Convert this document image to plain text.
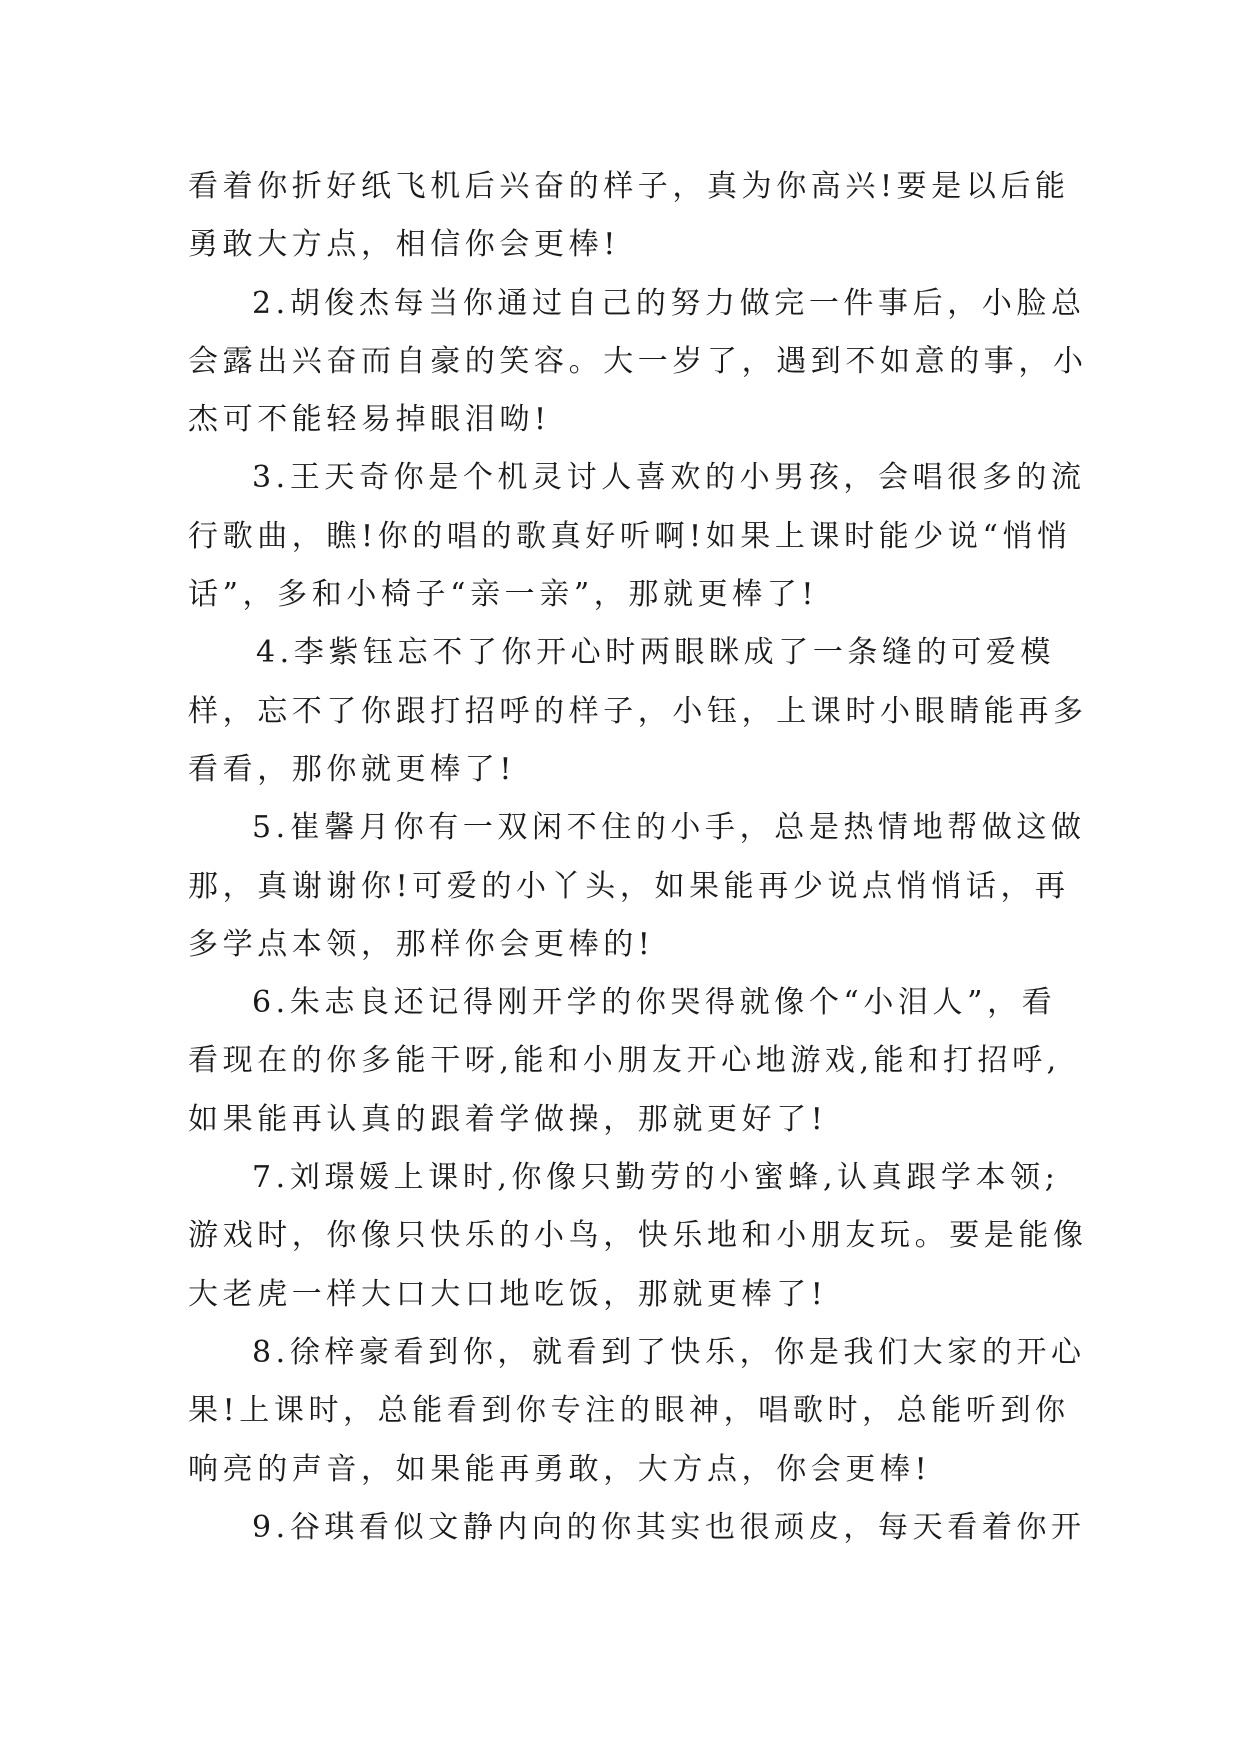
看着你折好纸飞机后兴奋的样子，真为你高兴!要是以后能
勇敢大方点，相信你会更棒!
2.胡俊杰每当你通过自己的努力做完一件事后，小脸总
会露出兴奋而自豪的笑容。大一岁了，遇到不如意的事，小
杰可不能轻易掉眼泪呦!
3.王天奇你是个机灵讨人喜欢的小男孩，会唱很多的流
行歌曲，瞧!你的唱的歌真好听啊!如果上课时能少说“悄悄
话”，多和小椅子“亲一亲”，那就更棒了!
4.李紫钰忘不了你开心时两眼眯成了一条缝的可爱模
样，忘不了你跟打招呼的样子，小钰，上课时小眼睛能再多
看看，那你就更棒了!
5.崔馨月你有一双闲不住的小手，总是热情地帮做这做
那，真谢谢你!可爱的小丫头，如果能再少说点悄悄话，再
多学点本领，那样你会更棒的!
6.朱志良还记得刚开学的你哭得就像个“小泪人”，看
看现在的你多能干呀,能和小朋友开心地游戏,能和打招呼,
如果能再认真的跟着学做操，那就更好了!
7.刘璟媛上课时,你像只勤劳的小蜜蜂,认真跟学本领;
游戏时，你像只快乐的小鸟，快乐地和小朋友玩。要是能像
大老虎一样大口大口地吃饭，那就更棒了!
8.徐梓豪看到你，就看到了快乐，你是我们大家的开心
果!上课时，总能看到你专注的眼神，唱歌时，总能听到你
响亮的声音，如果能再勇敢，大方点，你会更棒!
9.谷琪看似文静内向的你其实也很顽皮，每天看着你开
